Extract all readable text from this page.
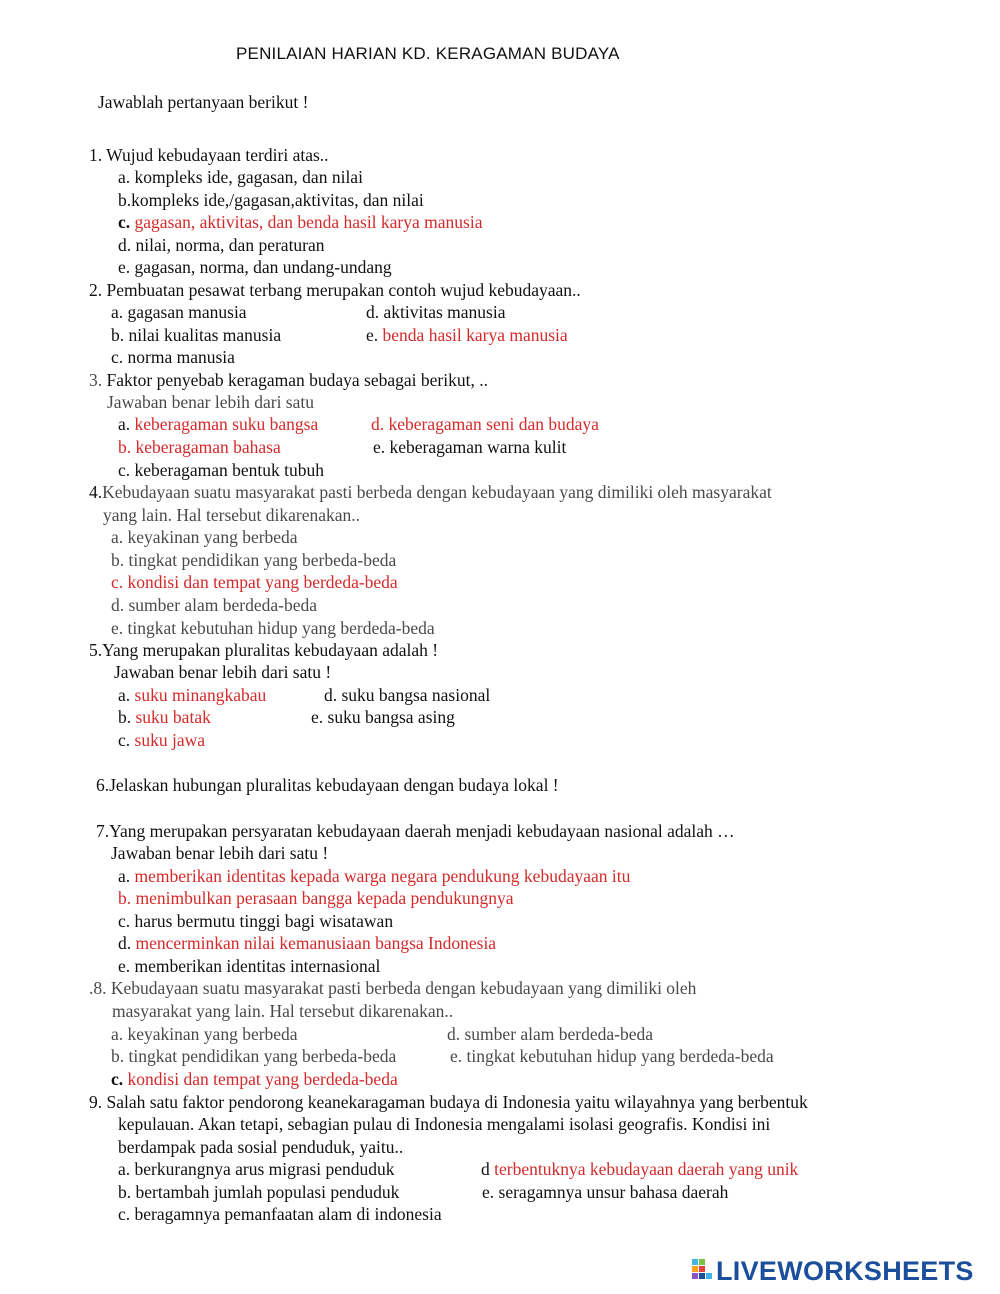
PENILAIAN HARIAN KD. KERAGAMAN BUDAYA
Jawablah pertanyaan berikut !
1. Wujud kebudayaan terdiri atas..
a. kompleks ide, gagasan, dan nilai
b.kompleks ide,/gagasan,aktivitas, dan nilai
c. gagasan, aktivitas, dan benda hasil karya manusia
d. nilai, norma, dan peraturan
e. gagasan, norma, dan undang-undang
2. Pembuatan pesawat terbang merupakan contoh wujud kebudayaan..
a. gagasan manusia	d. aktivitas manusia
b. nilai kualitas manusia	e. benda hasil karya manusia
c. norma manusia
3. Faktor penyebab keragaman budaya sebagai berikut, ..
Jawaban benar lebih dari satu
a. keberagaman suku bangsa	d. keberagaman seni dan budaya
b. keberagaman bahasa	e. keberagaman warna kulit
c. keberagaman bentuk tubuh
4.Kebudayaan suatu masyarakat pasti berbeda dengan kebudayaan yang dimiliki oleh masyarakat
yang lain. Hal tersebut dikarenakan..
a. keyakinan yang berbeda
b. tingkat pendidikan yang berbeda-beda
c. kondisi dan tempat yang berdeda-beda
d. sumber alam berdeda-beda
e. tingkat kebutuhan hidup yang berdeda-beda
5.Yang merupakan pluralitas kebudayaan adalah !
Jawaban benar lebih dari satu !
a. suku minangkabau	d. suku bangsa nasional
b. suku batak	e. suku bangsa asing
c. suku jawa
6.Jelaskan hubungan pluralitas kebudayaan dengan budaya lokal !
7.Yang merupakan persyaratan kebudayaan daerah menjadi kebudayaan nasional adalah …
Jawaban benar lebih dari satu !
a. memberikan identitas kepada warga negara pendukung kebudayaan itu
b. menimbulkan perasaan bangga kepada pendukungnya
c. harus bermutu tinggi bagi wisatawan
d. mencerminkan nilai kemanusiaan bangsa Indonesia
e. memberikan identitas internasional
.8. Kebudayaan suatu masyarakat pasti berbeda dengan kebudayaan yang dimiliki oleh
masyarakat yang lain. Hal tersebut dikarenakan..
a. keyakinan yang berbeda	d. sumber alam berdeda-beda
b. tingkat pendidikan yang berbeda-beda	e. tingkat kebutuhan hidup yang berdeda-beda
c. kondisi dan tempat yang berdeda-beda
9. Salah satu faktor pendorong keanekaragaman budaya di Indonesia yaitu wilayahnya yang berbentuk
kepulauan. Akan tetapi, sebagian pulau di Indonesia mengalami isolasi geografis. Kondisi ini
berdampak pada sosial penduduk, yaitu..
a. berkurangnya arus migrasi penduduk	d terbentuknya kebudayaan daerah yang unik
b. bertambah jumlah populasi penduduk	e. seragamnya unsur bahasa daerah
c. beragamnya pemanfaatan alam di indonesia
LIVEWORKSHEETS
